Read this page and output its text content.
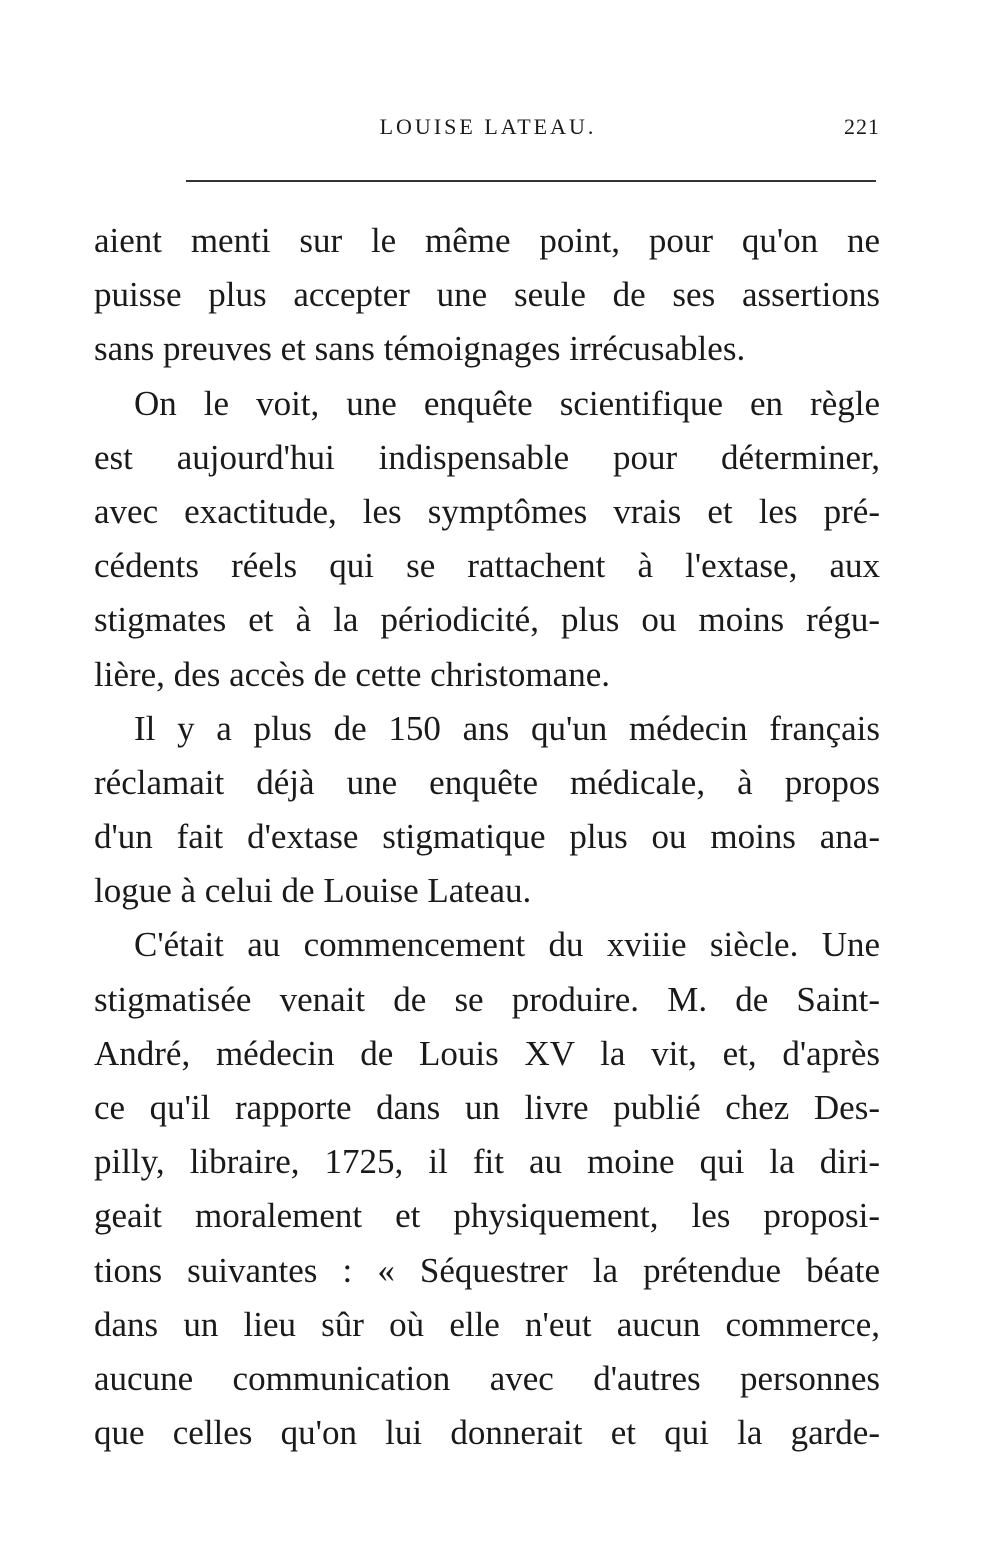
LOUISE LATEAU.	221
aient menti sur le même point, pour qu'on ne
puisse plus accepter une seule de ses assertions
sans preuves et sans témoignages irrécusables.
On le voit, une enquête scientifique en règle
est aujourd'hui indispensable pour déterminer,
avec exactitude, les symptômes vrais et les pré-
cédents réels qui se rattachent à l'extase, aux
stigmates et à la périodicité, plus ou moins régu-
lière, des accès de cette christomane.
Il y a plus de 150 ans qu'un médecin français
réclamait déjà une enquête médicale, à propos
d'un fait d'extase stigmatique plus ou moins ana-
logue à celui de Louise Lateau.
C'était au commencement du xviiie siècle. Une
stigmatisée venait de se produire. M. de Saint-
André, médecin de Louis XV la vit, et, d'après
ce qu'il rapporte dans un livre publié chez Des-
pilly, libraire, 1725, il fit au moine qui la diri-
geait moralement et physiquement, les proposi-
tions suivantes : « Séquestrer la prétendue béate
dans un lieu sûr où elle n'eut aucun commerce,
aucune communication avec d'autres personnes
que celles qu'on lui donnerait et qui la garde-
